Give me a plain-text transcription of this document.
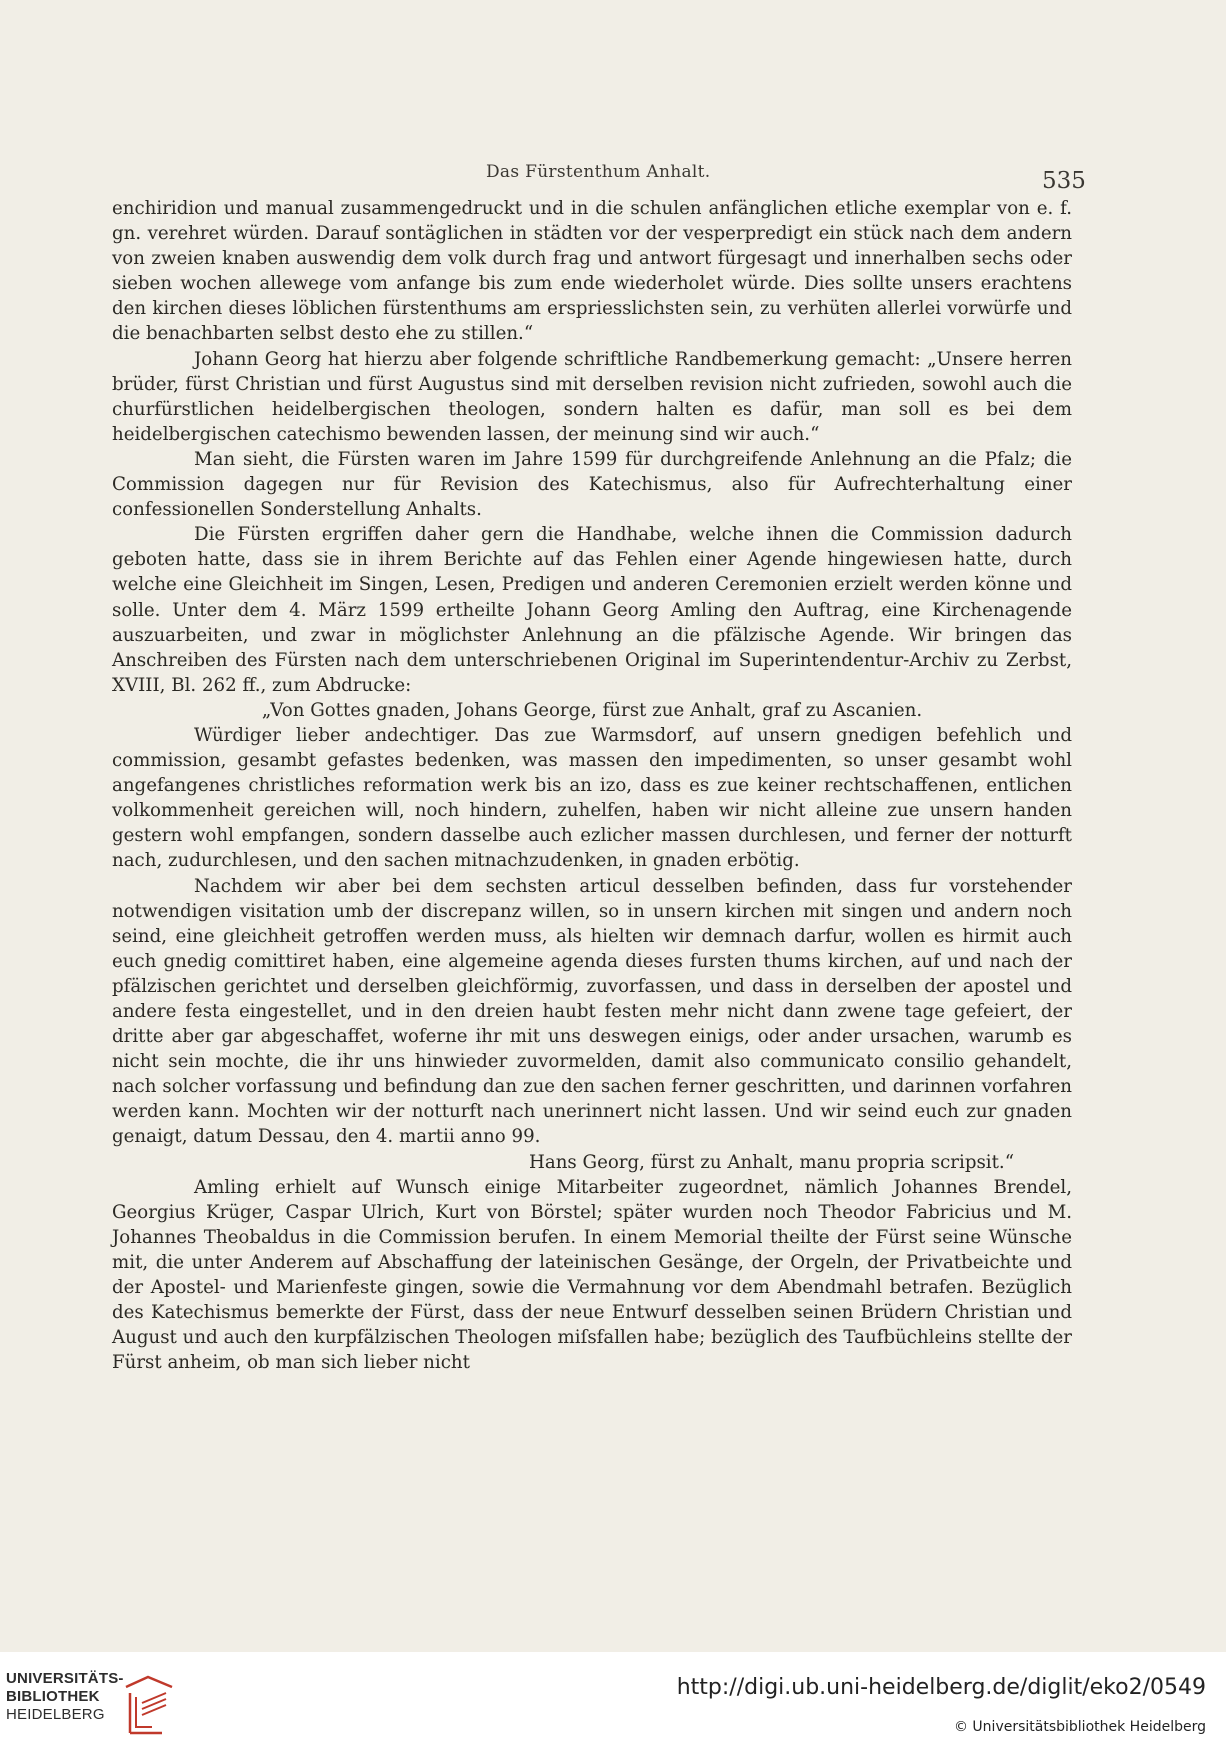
Das Fürstenthum Anhalt.	535

enchiridion und manual zusammengedruckt und in die schulen anfänglichen etliche exemplar von e. f. gn. verehret würden. Darauf sontäglichen in städten vor der vesperpredigt ein stück nach dem andern von zweien knaben auswendig dem volk durch frag und antwort fürgesagt und innerhalben sechs oder sieben wochen allewege vom anfange bis zum ende wiederholet würde. Dies sollte unsers erachtens den kirchen dieses löblichen fürstenthums am erspriesslichsten sein, zu verhüten allerlei vorwürfe und die benachbarten selbst desto ehe zu stillen.“

Johann Georg hat hierzu aber folgende schriftliche Randbemerkung gemacht: „Unsere herren brüder, fürst Christian und fürst Augustus sind mit derselben revision nicht zufrieden, sowohl auch die churfürstlichen heidelbergischen theologen, sondern halten es dafür, man soll es bei dem heidelbergischen catechismo bewenden lassen, der meinung sind wir auch.“

Man sieht, die Fürsten waren im Jahre 1599 für durchgreifende Anlehnung an die Pfalz; die Commission dagegen nur für Revision des Katechismus, also für Aufrechterhaltung einer confessionellen Sonderstellung Anhalts.

Die Fürsten ergriffen daher gern die Handhabe, welche ihnen die Commission dadurch geboten hatte, dass sie in ihrem Berichte auf das Fehlen einer Agende hingewiesen hatte, durch welche eine Gleichheit im Singen, Lesen, Predigen und anderen Ceremonien erzielt werden könne und solle. Unter dem 4. März 1599 ertheilte Johann Georg Amling den Auftrag, eine Kirchenagende auszuarbeiten, und zwar in möglichster Anlehnung an die pfälzische Agende. Wir bringen das Anschreiben des Fürsten nach dem unterschriebenen Original im Superintendentur-Archiv zu Zerbst, XVIII, Bl. 262 ff., zum Abdrucke:

„Von Gottes gnaden, Johans George, fürst zue Anhalt, graf zu Ascanien.

Würdiger lieber andechtiger. Das zue Warmsdorf, auf unsern gnedigen befehlich und commission, gesambt gefastes bedenken, was massen den impedimenten, so unser gesambt wohl angefangenes christliches reformation werk bis an izo, dass es zue keiner rechtschaffenen, entlichen volkommenheit gereichen will, noch hindern, zuhelfen, haben wir nicht alleine zue unsern handen gestern wohl empfangen, sondern dasselbe auch ezlicher massen durchlesen, und ferner der notturft nach, zudurchlesen, und den sachen mitnachzudenken, in gnaden erbötig.

Nachdem wir aber bei dem sechsten articul desselben befinden, dass fur vorstehender notwendigen visitation umb der discrepanz willen, so in unsern kirchen mit singen und andern noch seind, eine gleichheit getroffen werden muss, als hielten wir demnach darfur, wollen es hirmit auch euch gnedig comittiret haben, eine algemeine agenda dieses fursten thums kirchen, auf und nach der pfälzischen gerichtet und derselben gleichförmig, zuvorfassen, und dass in derselben der apostel und andere festa eingestellet, und in den dreien haubt festen mehr nicht dann zwene tage gefeiert, der dritte aber gar abgeschaffet, woferne ihr mit uns deswegen einigs, oder ander ursachen, warumb es nicht sein mochte, die ihr uns hinwieder zuvormelden, damit also communicato consilio gehandelt, nach solcher vorfassung und befindung dan zue den sachen ferner geschritten, und darinnen vorfahren werden kann. Mochten wir der notturft nach unerinnert nicht lassen. Und wir seind euch zur gnaden genaigt, datum Dessau, den 4. martii anno 99.

Hans Georg, fürst zu Anhalt, manu propria scripsit.“

Amling erhielt auf Wunsch einige Mitarbeiter zugeordnet, nämlich Johannes Brendel, Georgius Krüger, Caspar Ulrich, Kurt von Börstel; später wurden noch Theodor Fabricius und M. Johannes Theobaldus in die Commission berufen. In einem Memorial theilte der Fürst seine Wünsche mit, die unter Anderem auf Abschaffung der lateinischen Gesänge, der Orgeln, der Privatbeichte und der Apostel- und Marienfeste gingen, sowie die Vermahnung vor dem Abendmahl betrafen. Bezüglich des Katechismus bemerkte der Fürst, dass der neue Entwurf desselben seinen Brüdern Christian und August und auch den kurpfälzischen Theologen miſsfallen habe; bezüglich des Taufbüchleins stellte der Fürst anheim, ob man sich lieber nicht

UNIVERSITÄTS-
BIBLIOTHEK
HEIDELBERG
http://digi.ub.uni-heidelberg.de/diglit/eko2/0549
© Universitätsbibliothek Heidelberg
